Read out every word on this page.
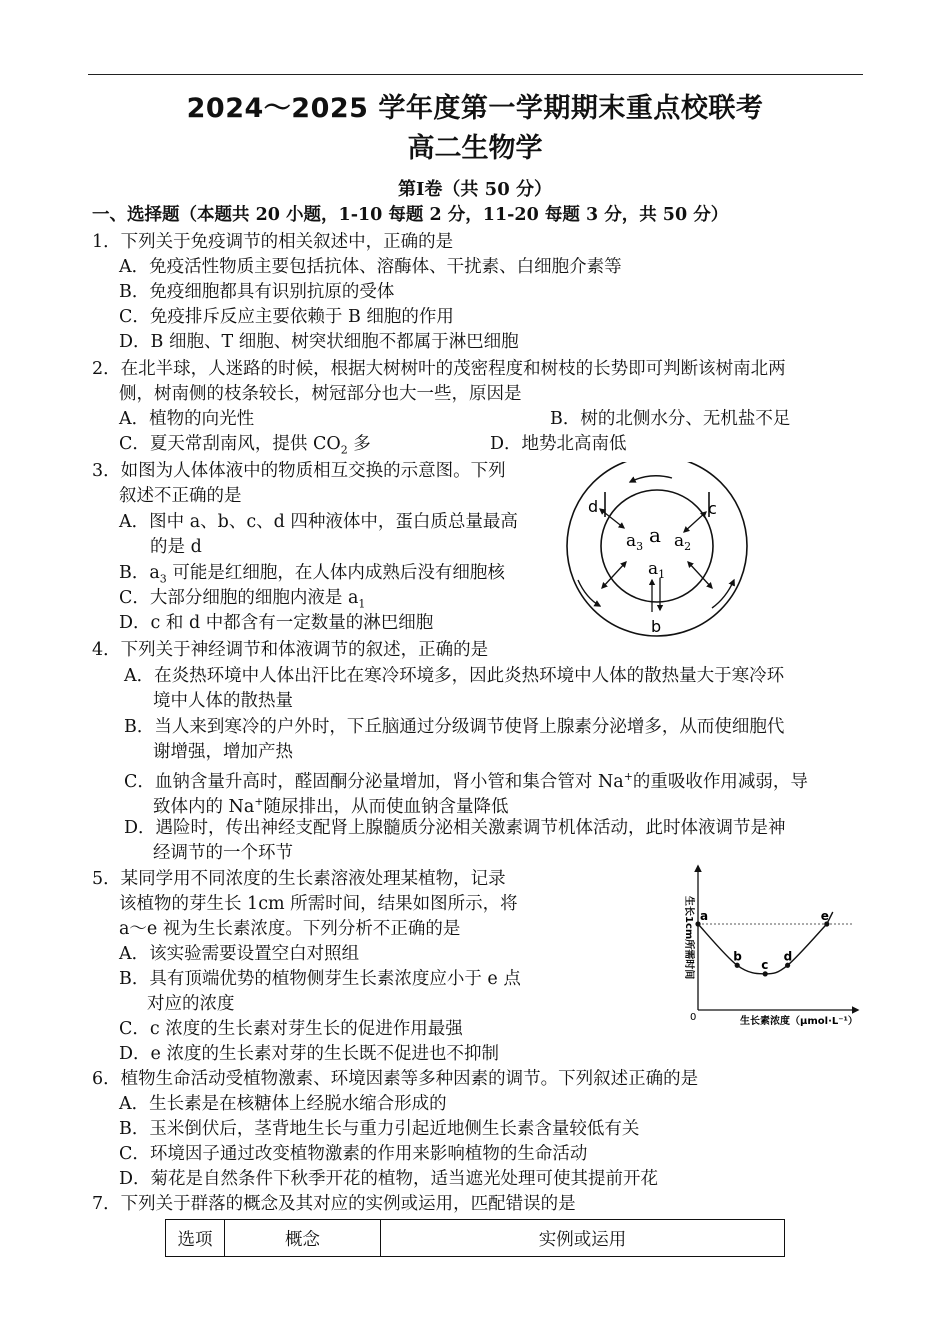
2024～2025 学年度第一学期期末重点校联考
高二生物学
第Ⅰ卷（共 50 分）
一、选择题（本题共 20 小题，1-10 每题 2 分，11-20 每题 3 分，共 50 分）
1．下列关于免疫调节的相关叙述中，正确的是
A．免疫活性物质主要包括抗体、溶酶体、干扰素、白细胞介素等
B．免疫细胞都具有识别抗原的受体
C．免疫排斥反应主要依赖于 B 细胞的作用
D．B 细胞、T 细胞、树突状细胞不都属于淋巴细胞
2．在北半球，人迷路的时候，根据大树树叶的茂密程度和树枝的长势即可判断该树南北两
侧，树南侧的枝条较长，树冠部分也大一些，原因是
A．植物的向光性	B．树的北侧水分、无机盐不足
C．夏天常刮南风，提供 $CO_2$ 多	D．地势北高南低
3．如图为人体体液中的物质相互交换的示意图。下列
叙述不正确的是
A．图中 a、b、c、d 四种液体中，蛋白质总量最高
的是 d
B．$a_3$ 可能是红细胞，在人体内成熟后没有细胞核
C．大部分细胞的细胞内液是 $a_1$
D．c 和 d 中都含有一定数量的淋巴细胞
d	c
$a_3$ a $a_2$
$a_1$
b
4．下列关于神经调节和体液调节的叙述，正确的是
A．在炎热环境中人体出汗比在寒冷环境多，因此炎热环境中人体的散热量大于寒冷环
境中人体的散热量
B．当人来到寒冷的户外时，下丘脑通过分级调节使肾上腺素分泌增多，从而使细胞代
谢增强，增加产热
C．血钠含量升高时，醛固酮分泌量增加，肾小管和集合管对 Na+的重吸收作用减弱，导
致体内的 Na+随尿排出，从而使血钠含量降低
D．遇险时，传出神经支配肾上腺髓质分泌相关激素调节机体活动，此时体液调节是神
经调节的一个环节
5．某同学用不同浓度的生长素溶液处理某植物，记录
该植物的芽生长 1cm 所需时间，结果如图所示，将
a～e 视为生长素浓度。下列分析不正确的是
A．该实验需要设置空白对照组
B．具有顶端优势的植物侧芽生长素浓度应小于 e 点
对应的浓度
C．c 浓度的生长素对芽生长的促进作用最强
D．e 浓度的生长素对芽的生长既不促进也不抑制
a
b
c
d
e
0	生长素浓度（μmol·L⁻¹）
生长1cm所需时间
6．植物生命活动受植物激素、环境因素等多种因素的调节。下列叙述正确的是
A．生长素是在核糖体上经脱水缩合形成的
B．玉米倒伏后，茎背地生长与重力引起近地侧生长素含量较低有关
C．环境因子通过改变植物激素的作用来影响植物的生命活动
D．菊花是自然条件下秋季开花的植物，适当遮光处理可使其提前开花
7．下列关于群落的概念及其对应的实例或运用，匹配错误的是
选项	概念	实例或运用
